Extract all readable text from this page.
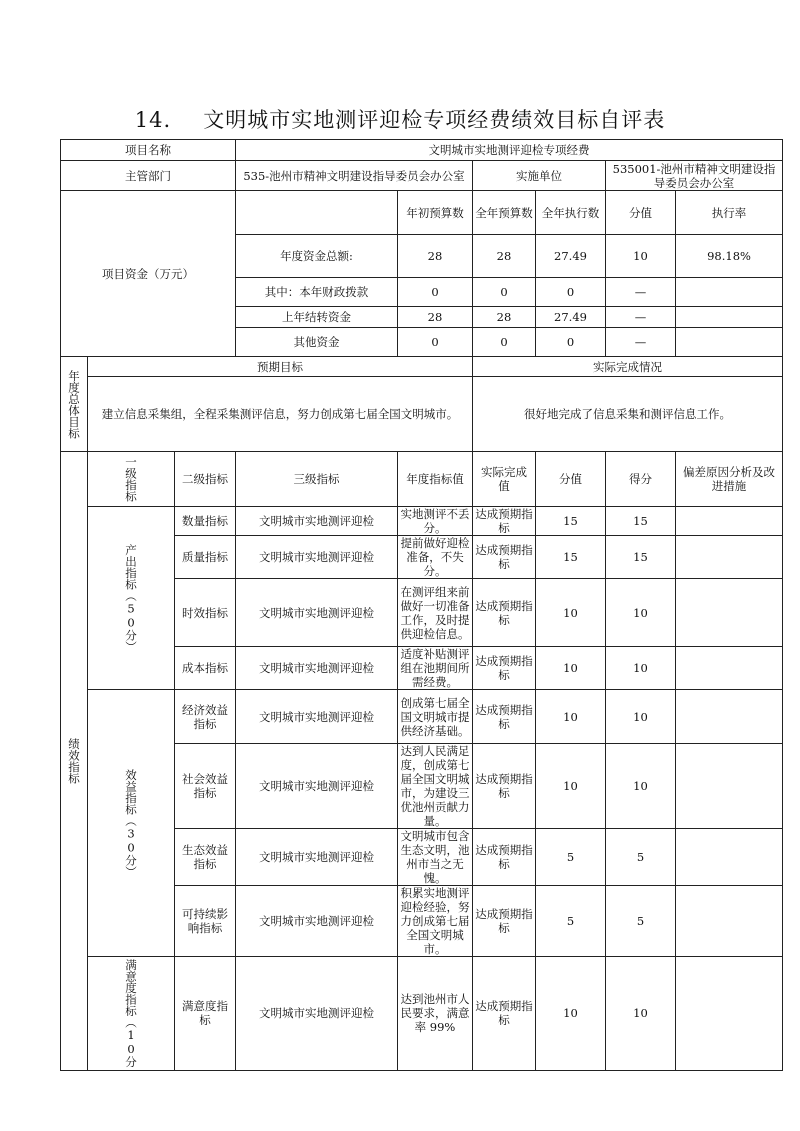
14. 文明城市实地测评迎检专项经费绩效目标自评表
项目名称			文明城市实地测评迎检专项经费						
主管部门			535-池州市精神文明建设指导委员会办公室		实施单位		535001-池州市精神文明建设指导委员会办公室		
项目资金（万元）				年初预算数	全年预算数	全年执行数	分值	执行率	
			年度资金总额:	28	28	27.49	10	98.18%	
			其中：本年财政拨款	0	0	0	—		
			上年结转资金	28	28	27.49	—		
			其他资金	0	0	0	—		
年度总体目标	预期目标				实际完成情况				
	建立信息采集组，全程采集测评信息，努力创成第七届全国文明城市。				很好地完成了信息采集和测评信息工作。				
绩效指标	一级指标	二级指标	三级指标	年度指标值	实际完成值	分值	得分	偏差原因分析及改进措施	
	产出指标（50分）	数量指标	文明城市实地测评迎检	实地测评不丢分。	达成预期指标	15	15		
		质量指标	文明城市实地测评迎检	提前做好迎检准备，不失分。	达成预期指标	15	15		
		时效指标	文明城市实地测评迎检	在测评组来前做好一切准备工作，及时提供迎检信息。	达成预期指标	10	10		
		成本指标	文明城市实地测评迎检	适度补贴测评组在池期间所需经费。	达成预期指标	10	10		
	效益指标（30分）	经济效益指标	文明城市实地测评迎检	创成第七届全国文明城市提供经济基础。	达成预期指标	10	10		
		社会效益指标	文明城市实地测评迎检	达到人民满足度，创成第七届全国文明城市，为建设三优池州贡献力量。	达成预期指标	10	10		
		生态效益指标	文明城市实地测评迎检	文明城市包含生态文明，池州市当之无愧。	达成预期指标	5	5		
		可持续影响指标	文明城市实地测评迎检	积累实地测评迎检经验，努力创成第七届全国文明城市。	达成预期指标	5	5		
	满意度指标（10分	满意度指标	文明城市实地测评迎检	达到池州市人民要求，满意率 99%	达成预期指标	10	10		
